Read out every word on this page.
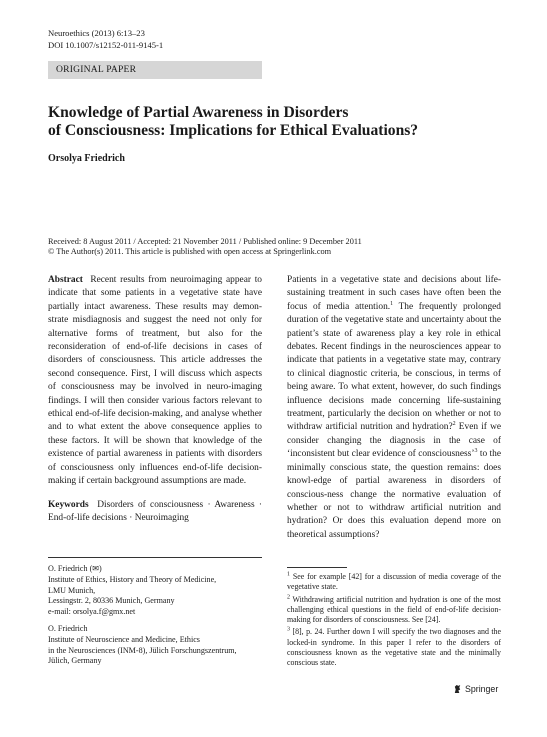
Neuroethics (2013) 6:13–23
DOI 10.1007/s12152-011-9145-1
ORIGINAL PAPER
Knowledge of Partial Awareness in Disorders
of Consciousness: Implications for Ethical Evaluations?
Orsolya Friedrich
Received: 8 August 2011 / Accepted: 21 November 2011 / Published online: 9 December 2011
© The Author(s) 2011. This article is published with open access at Springerlink.com
Abstract Recent results from neuroimaging appear to indicate that some patients in a vegetative state have partially intact awareness. These results may demon-strate misdiagnosis and suggest the need not only for alternative forms of treatment, but also for the reconsideration of end-of-life decisions in cases of disorders of consciousness. This article addresses the second consequence. First, I will discuss which aspects of consciousness may be involved in neuro-imaging findings. I will then consider various factors relevant to ethical end-of-life decision-making, and analyse whether and to what extent the above consequence applies to these factors. It will be shown that knowledge of the existence of partial awareness in patients with disorders of consciousness only influences end-of-life decision-making if certain background assumptions are made.
Keywords Disorders of consciousness · Awareness · End-of-life decisions · Neuroimaging
Patients in a vegetative state and decisions about life-sustaining treatment in such cases have often been the focus of media attention.$^1$ The frequently prolonged duration of the vegetative state and uncertainty about the patient’s state of awareness play a key role in ethical debates. Recent findings in the neurosciences appear to indicate that patients in a vegetative state may, contrary to clinical diagnostic criteria, be conscious, in terms of being aware. To what extent, however, do such findings influence decisions made concerning life-sustaining treatment, particularly the decision on whether or not to withdraw artificial nutrition and hydration?$^2$ Even if we consider changing the diagnosis in the case of ‘inconsistent but clear evidence of consciousness’$^3$ to the minimally conscious state, the question remains: does knowl-edge of partial awareness in disorders of conscious-ness change the normative evaluation of whether or not to withdraw artificial nutrition and hydration? Or does this evaluation depend more on theoretical assumptions?
O. Friedrich (✉)
Institute of Ethics, History and Theory of Medicine,
LMU Munich,
Lessingstr. 2, 80336 Munich, Germany
e-mail: orsolya.f@gmx.net
O. Friedrich
Institute of Neuroscience and Medicine, Ethics
in the Neurosciences (INM-8), Jülich Forschungszentrum,
Jülich, Germany
$^1$ See for example [42] for a discussion of media coverage of the vegetative state.
$^2$ Withdrawing artificial nutrition and hydration is one of the most challenging ethical questions in the field of end-of-life decision-making for disorders of consciousness. See [24].
$^3$ [8], p. 24. Further down I will specify the two diagnoses and the locked-in syndrome. In this paper I refer to the disorders of consciousness known as the vegetative state and the minimally conscious state.
Springer
